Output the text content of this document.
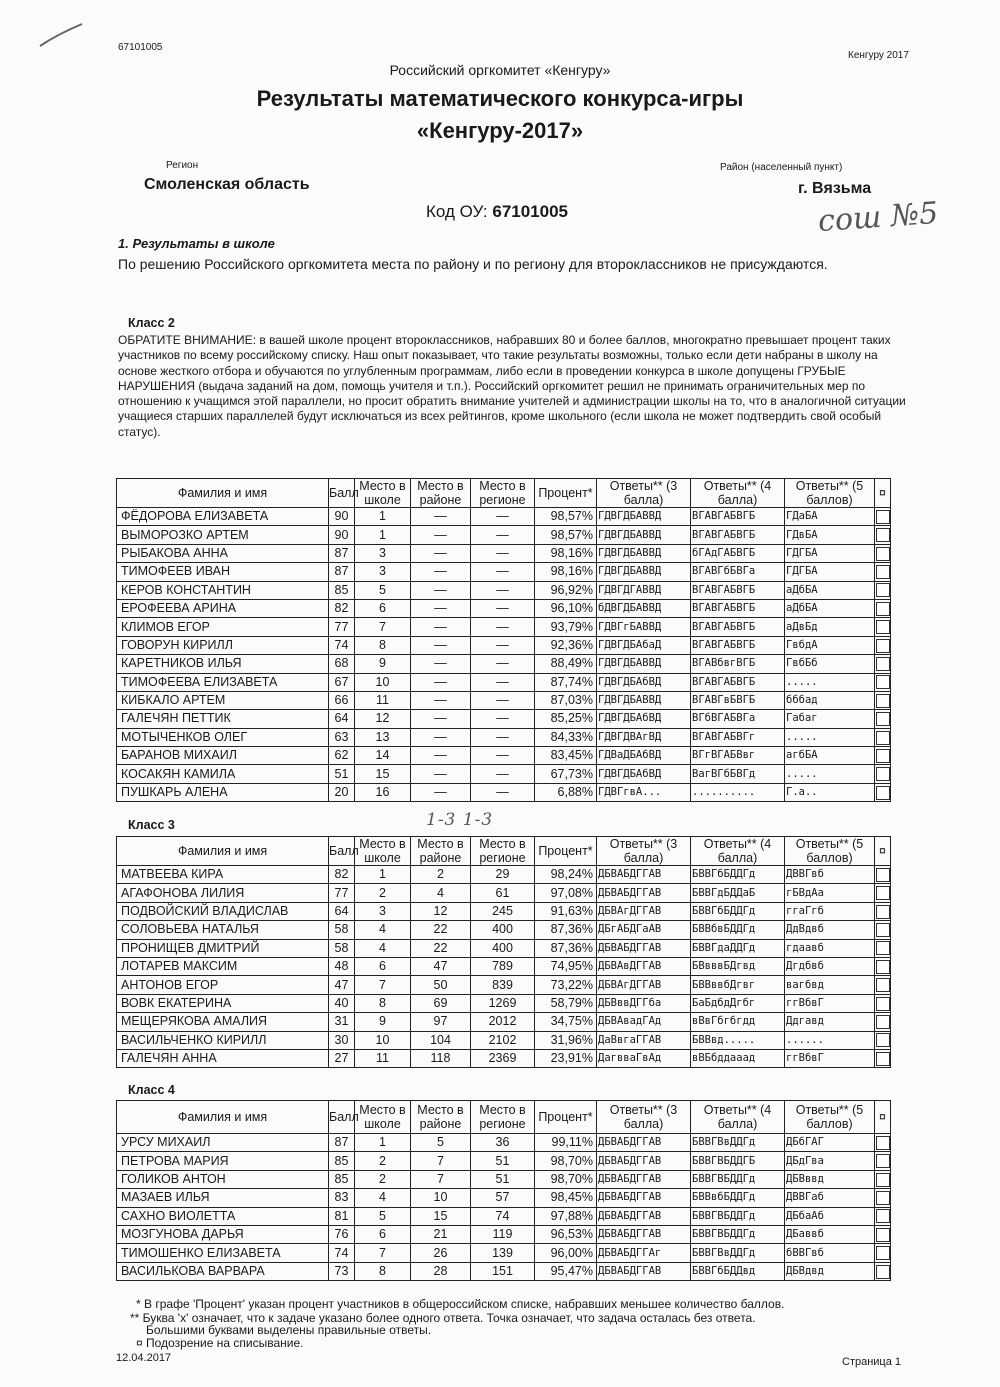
67101005
Кенгуру 2017
Российский оргкомитет «Кенгуру»
Результаты математического конкурса-игры
«Кенгуру-2017»
Регион
Смоленская область
Район (населенный пункт)
г. Вязьма
Код ОУ: 67101005	сош №5
1. Результаты в школе
По решению Российского оргкомитета места по району и по региону для второклассников не присуждаются.
Класс 2
ОБРАТИТЕ ВНИМАНИЕ: в вашей школе процент второклассников, набравших 80 и более баллов, многократно превышает процент таких участников по всему российскому списку. Наш опыт показывает, что такие результаты возможны, только если дети набраны в школу на основе жесткого отбора и обучаются по углубленным программам, либо если в проведении конкурса в школе допущены ГРУБЫЕ НАРУШЕНИЯ (выдача заданий на дом, помощь учителя и т.п.). Российский оргкомитет решил не принимать ограничительных мер по отношению к учащимся этой параллели, но просит обратить внимание учителей и администрации школы на то, что в аналогичной ситуации учащиеся старших параллелей будут исключаться из всех рейтингов, кроме школьного (если школа не может подтвердить свой особый статус).
Фамилия и имя	Балл	Место в школе	Место в районе	Место в регионе	Процент*	Ответы** (3 балла)	Ответы** (4 балла)	Ответы** (5 баллов)	¤
ФЁДОРОВА ЕЛИЗАВЕТА	90	1	—	—	98,57%	ГДВГДБАВВД	ВГАВГАБВГБ	ГДаБА	
ВЫМОРОЗКО АРТЕМ	90	1	—	—	98,57%	ГДВГДБАВВД	ВГАВГАБВГБ	ГДвБА	
РЫБАКОВА АННА	87	3	—	—	98,16%	ГДВГДБАВВД	бГАдГАБВГБ	ГДГБА	
ТИМОФЕЕВ ИВАН	87	3	—	—	98,16%	ГДВГДБАВВД	ВГАВГбБВГа	ГДГБА	
КЕРОВ КОНСТАНТИН	85	5	—	—	96,92%	ГДВГДГАВВД	ВГАВГАБВГБ	аДбБА	
ЕРОФЕЕВА АРИНА	82	6	—	—	96,10%	бДВГДБАВВД	ВГАВГАБВГБ	аДбБА	
КЛИМОВ ЕГОР	77	7	—	—	93,79%	ГДВГгБАВВД	ВГАВГАБВГБ	аДвБд	
ГОВОРУН КИРИЛЛ	74	8	—	—	92,36%	ГДВГДБАбаД	ВГАВГАБВГБ	ГвбдА	
КАРЕТНИКОВ ИЛЬЯ	68	9	—	—	88,49%	ГДВГДБАВВД	ВГАВбвгВГБ	ГвбБб	
ТИМОФЕЕВА ЕЛИЗАВЕТА	67	10	—	—	87,74%	ГДВГДБАбВД	ВГАВГАБВГБ	.....	
КИБКАЛО АРТЕМ	66	11	—	—	87,03%	ГДВГДБАВВД	ВГАВГвБВГБ	бббад	
ГАЛЕЧЯН ПЕТТИК	64	12	—	—	85,25%	ГДВГДБАбВД	ВГбВГАБВГа	Габаг	
МОТЫЧЕНКОВ ОЛЕГ	63	13	—	—	84,33%	ГДВГДВАгВД	ВГАВГАБВГг	.....	
БАРАНОВ МИХАИЛ	62	14	—	—	83,45%	ГДВаДБАбВД	ВГгВГАБВвг	агбБА	
КОСАКЯН КАМИЛА	51	15	—	—	67,73%	ГДВГДБАбВД	ВагВГбБВГд	.....	
ПУШКАРЬ АЛЕНА	20	16	—	—	6,88%	ГДВГгвА...	..........	Г.а..	
Класс 3	1-3 1-3
Фамилия и имя	Балл	Место в школе	Место в районе	Место в регионе	Процент*	Ответы** (3 балла)	Ответы** (4 балла)	Ответы** (5 баллов)	¤
МАТВЕЕВА КИРА	82	1	2	29	98,24%	ДБВАБДГГАВ	БВВГбБДДГд	ДВВГвб	
АГАФОНОВА ЛИЛИЯ	77	2	4	61	97,08%	ДБВАБДГГАВ	БВВГдБДДаБ	гБВдАа	
ПОДВОЙСКИЙ ВЛАДИСЛАВ	64	3	12	245	91,63%	ДБВАгДГГАВ	БВВГбБДДГд	ггаГгб	
СОЛОВЬЕВА НАТАЛЬЯ	58	4	22	400	87,36%	ДБгАБДГаАВ	БВВбвБДДГд	ДдВдвб	
ПРОНИЩЕВ ДМИТРИЙ	58	4	22	400	87,36%	ДБВАБДГГАВ	БВВГдаДДГд	гдаавб	
ЛОТАРЕВ МАКСИМ	48	6	47	789	74,95%	ДБВАвДГГАВ	БВвввБДгвд	Дгдбвб	
АНТОНОВ ЕГОР	47	7	50	839	73,22%	ДБВАгДГГАВ	БВВввбДгвг	вагбвд	
ВОВК ЕКАТЕРИНА	40	8	69	1269	58,79%	ДБВввДГГба	БаБдбдДгбг	ггВбвГ	
МЕЩЕРЯКОВА АМАЛИЯ	31	9	97	2012	34,75%	ДБВАвадГАд	вВвГбгбгдд	Ддгавд	
ВАСИЛЬЧЕНКО КИРИЛЛ	30	10	104	2102	31,96%	ДаВвгаГГАВ	БВВвд.....	......	
ГАЛЕЧЯН АННА	27	11	118	2369	23,91%	ДагвваГвАд	вВБбддааад	ггВбвГ	
Класс 4
Фамилия и имя	Балл	Место в школе	Место в районе	Место в регионе	Процент*	Ответы** (3 балла)	Ответы** (4 балла)	Ответы** (5 баллов)	¤
УРСУ МИХАИЛ	87	1	5	36	99,11%	ДБВАБДГГАВ	БВВГВвДДГд	ДБбГАГ	
ПЕТРОВА МАРИЯ	85	2	7	51	98,70%	ДБВАБДГГАВ	БВВГВБДДГБ	ДБдГва	
ГОЛИКОВ АНТОН	85	2	7	51	98,70%	ДБВАБДГГАВ	БВВГВБДДГд	ДБВввд	
МАЗАЕВ ИЛЬЯ	83	4	10	57	98,45%	ДБВАБДГГАВ	БВВвбБДДГд	ДВВГаб	
САХНО ВИОЛЕТТА	81	5	15	74	97,88%	ДБВАБДГГАВ	БВВГВБДДГд	ДБбаАб	
МОЗГУНОВА ДАРЬЯ	76	6	21	119	96,53%	ДБВАБДГГАВ	БВВГВБДДГд	ДБаввб	
ТИМОШЕНКО ЕЛИЗАВЕТА	74	7	26	139	96,00%	ДБВАБДГГАг	БВВГВвДДГд	бВВГвб	
ВАСИЛЬКОВА ВАРВАРА	73	8	28	151	95,47%	ДБВАБДГГАВ	БВВГбБДДвд	ДБВдвд	
* В графе 'Процент' указан процент участников в общероссийском списке, набравших меньшее количество баллов.
** Буква 'х' означает, что к задаче указано более одного ответа. Точка означает, что задача осталась без ответа.
Большими буквами выделены правильные ответы.
¤ Подозрение на списывание.
12.04.2017	Страница 1
